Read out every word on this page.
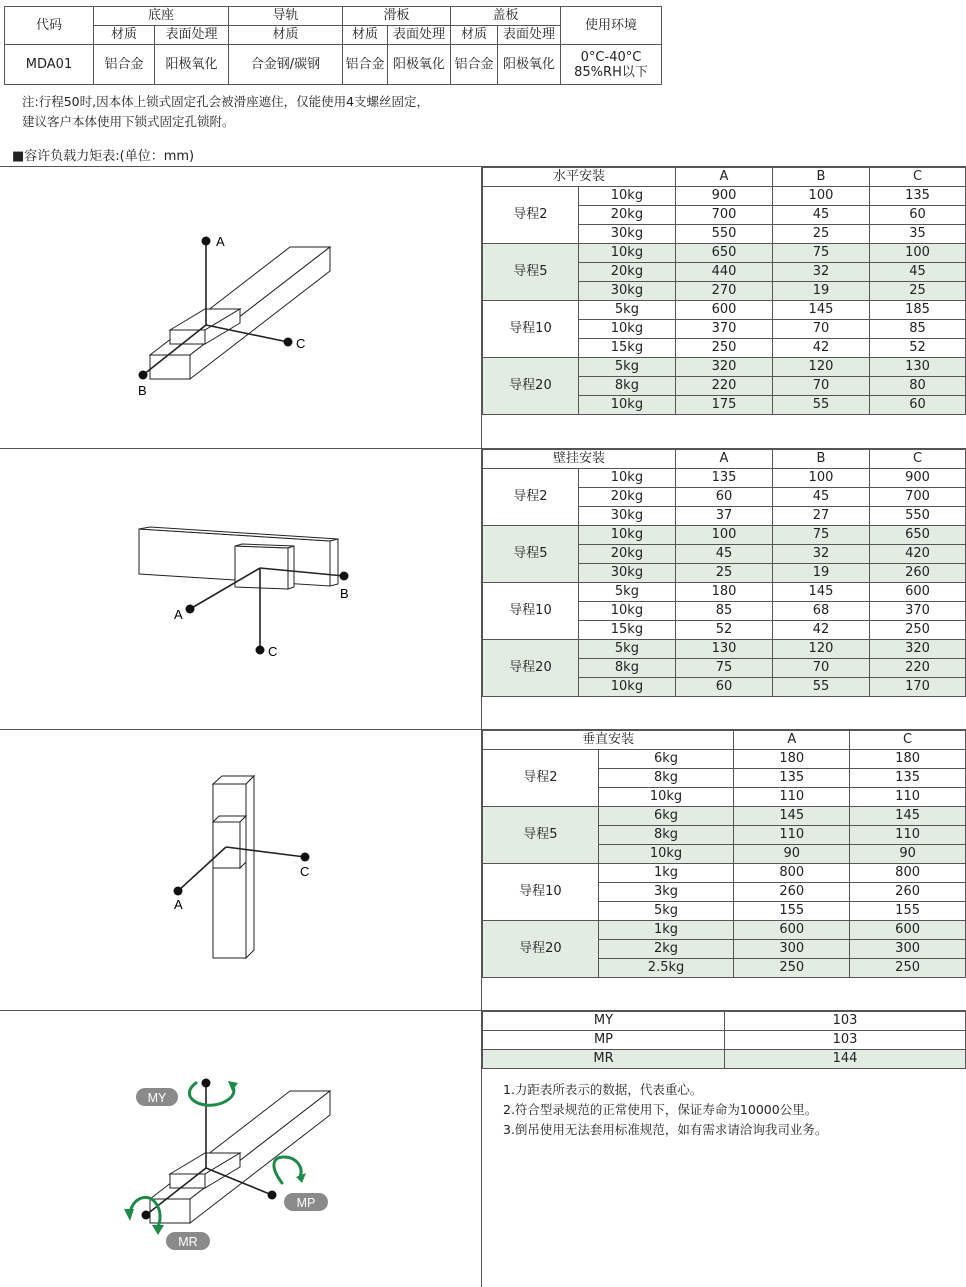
代码	底座		导轨	滑板		盖板		使用环境
	材质	表面处理	材质	材质	表面处理	材质	表面处理	
MDA01	铝合金	阳极氧化	合金钢/碳钢	铝合金	阳极氧化	铝合金	阳极氧化	0°C-40°C
85%RH以下
注:行程50时,因本体上锁式固定孔会被滑座遮住，仅能使用4支螺丝固定，
建议客户本体使用下锁式固定孔锁附。
■容许负载力矩表:(单位：mm)
A
C
B
B
A
C
C
A
MY
MP
MR
水平安装		A	B	C
导程2	10kg	900	100	135
	20kg	700	45	60
	30kg	550	25	35
导程5	10kg	650	75	100
	20kg	440	32	45
	30kg	270	19	25
导程10	5kg	600	145	185
	10kg	370	70	85
	15kg	250	42	52
导程20	5kg	320	120	130
	8kg	220	70	80
	10kg	175	55	60
壁挂安装		A	B	C
导程2	10kg	135	100	900
	20kg	60	45	700
	30kg	37	27	550
导程5	10kg	100	75	650
	20kg	45	32	420
	30kg	25	19	260
导程10	5kg	180	145	600
	10kg	85	68	370
	15kg	52	42	250
导程20	5kg	130	120	320
	8kg	75	70	220
	10kg	60	55	170
垂直安装		A	C
导程2	6kg	180	180
	8kg	135	135
	10kg	110	110
导程5	6kg	145	145
	8kg	110	110
	10kg	90	90
导程10	1kg	800	800
	3kg	260	260
	5kg	155	155
导程20	1kg	600	600
	2kg	300	300
	2.5kg	250	250
MY	103
MP	103
MR	144
1.力距表所表示的数据，代表重心。
2.符合型录规范的正常使用下，保证寿命为10000公里。
3.倒吊使用无法套用标准规范，如有需求请洽询我司业务。
